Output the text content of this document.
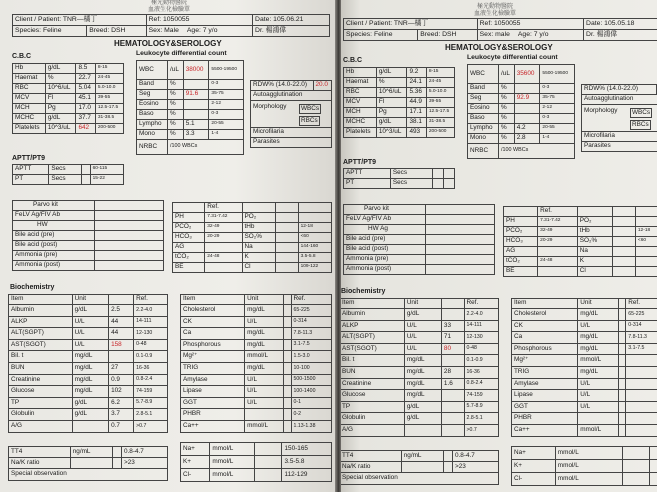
極光動物醫院
血液生化檢驗單
Client / Patient: TNR—橘丁		Ref: 1050055	Date: 105.06.21
Species: Feline	Breed: DSH	Sex: Male Age: 7 y/o	Dr. 楊鴻偉
HEMATOLOGY&SEROLOGY
C.B.C	Leukocyte differential count
Hb	g/dL	8.5	8-15
Haemat	%	22.7	24-45
RBC	10^6/uL	5.04	5.0-10.0
MCV	Fl	45.1	39-55
MCH	Pg	17.0	12.5-17.5
MCHC	g/dL	37.7	31-38.5
Platelets	10^3/uL	642	200-500
WBC	/uL	38000	5500-19500
Band	%		0-3
Seg	%	91.6	35-75
Eosino	%		2-12
Baso	%		0-3
Lympho	%	5.1	20-55
Mono	%	3.3	1-4
NRBC	/100 WBCs		
RDW% (14.0-22.0)	20.0
Autoagglutination

Morphology	WBCs
RBCs

Microfilaria
Parasites
APTT/PT9
APTT	Secs		60-115
PT	Secs		15-22
Parvo kit	
FeLV Ag/FIV Ab	
HW	
Bile acid (pre)	
Bile acid (post)	
Ammonia (pre)	
Ammonia (post)	
	Ref.			
PH	7.31-7.42	PO₂		
PCO₂	32-49	tHb		12-18
HCO₃	20-29	SO₂%		<60
AG		Na		144-160
tCO₂	24-48	K		3.5-5.8
BE		Cl		109-122
Biochemistry
Item	Unit		Ref.
Albumin	g/dL	2.5	2.2-4.0
ALKP	U/L	44	14-111
ALT(SGPT)	U/L	44	12-130
AST(SGOT)	U/L	158	0-48
Bil. t	mg/dL		0.1-0.9
BUN	mg/dL	27	16-36
Creatinine	mg/dL	0.9	0.8-2.4
Glucose	mg/dL	102	74-159
TP	g/dL	6.2	5.7-8.9
Globulin	g/dL	3.7	2.8-5.1
A/G		0.7	>0.7
Item	Unit		Ref.
Cholesterol	mg/dL		65-225
CK	U/L		0-314
Ca	mg/dL		7.8-11.3
Phosphorous	mg/dL		3.1-7.5
Mg²⁺	mmol/L		1.5-3.0
TRIG	mg/dL		10-100
Amylase	U/L		500-1500
Lipase	U/L		100-1400
GGT	U/L		0-1
PHBR			0-2
Ca++	mmol/L		1.13-1.38
TT4	ng/mL		0.8-4.7
Na/K ratio			>23
Special observation			
Na+	mmol/L		150-165
K+	mmol/L		3.5-5.8
Cl-	mmol/L		112-129
極光動物醫院
血液生化檢驗單
Client / Patient: TNR—橘丁		Ref: 1050055	Date: 105.05.18
Species: Feline	Breed: DSH	Sex: male Age: 7 y/o	Dr. 楊鴻偉
HEMATOLOGY&SEROLOGY
C.B.C	Leukocyte differential count
Hb	g/dL	9.2	8-15
Haemat	%	24.1	24-45
RBC	10^6/uL	5.36	5.0-10.0
MCV	Fl	44.9	39-55
MCH	Pg	17.1	12.5-17.5
MCHC	g/dL	38.1	31-38.5
Platelets	10^3/uL	493	200-500
WBC	/uL	35600	5500-19500
Band	%		0-3
Seg	%	92.9	35-75
Eosino	%		2-12
Baso	%		0-3
Lympho	%	4.2	20-55
Mono	%	2.8	1-4
NRBC	/100 WBCs		
RDW% (14.0-22.0)	
Autoagglutination

Morphology	WBCs
RBCs

Microfilaria
Parasites
APTT/PT9
APTT	Secs		
PT	Secs		
Parvo kit	
FeLV Ag/FIV Ab	
HW Ag	
Bile acid (pre)	
Bile acid (post)	
Ammonia (pre)	
Ammonia (post)	
	Ref.			
PH	7.31-7.42	PO₂		
PCO₂	32-49	tHb		12-18
HCO₃	20-29	SO₂%		<60
AG		Na		
tCO₂	24-48	K		
BE		Cl		
Biochemistry
Item	Unit		Ref.
Albumin	g/dL		2.2-4.0
ALKP	U/L	33	14-111
ALT(SGPT)	U/L	71	12-130
AST(SGOT)	U/L	80	0-48
Bil. t	mg/dL		0.1-0.9
BUN	mg/dL	28	16-36
Creatinine	mg/dL	1.6	0.8-2.4
Glucose	mg/dL		74-159
TP	g/dL		5.7-8.9
Globulin	g/dL		2.8-5.1
A/G			>0.7
Item	Unit		Ref.
Cholesterol	mg/dL		65-225
CK	U/L		0-314
Ca	mg/dL		7.8-11.3
Phosphorous	mg/dL		3.1-7.5
Mg²⁺	mmol/L		
TRIG	mg/dL		
Amylase	U/L		
Lipase	U/L		
GGT	U/L		
PHBR			
Ca++	mmol/L		
TT4	ng/mL		0.8-4.7
Na/K ratio			>23
Special observation			
Na+	mmol/L		
K+	mmol/L		
Cl-	mmol/L		
